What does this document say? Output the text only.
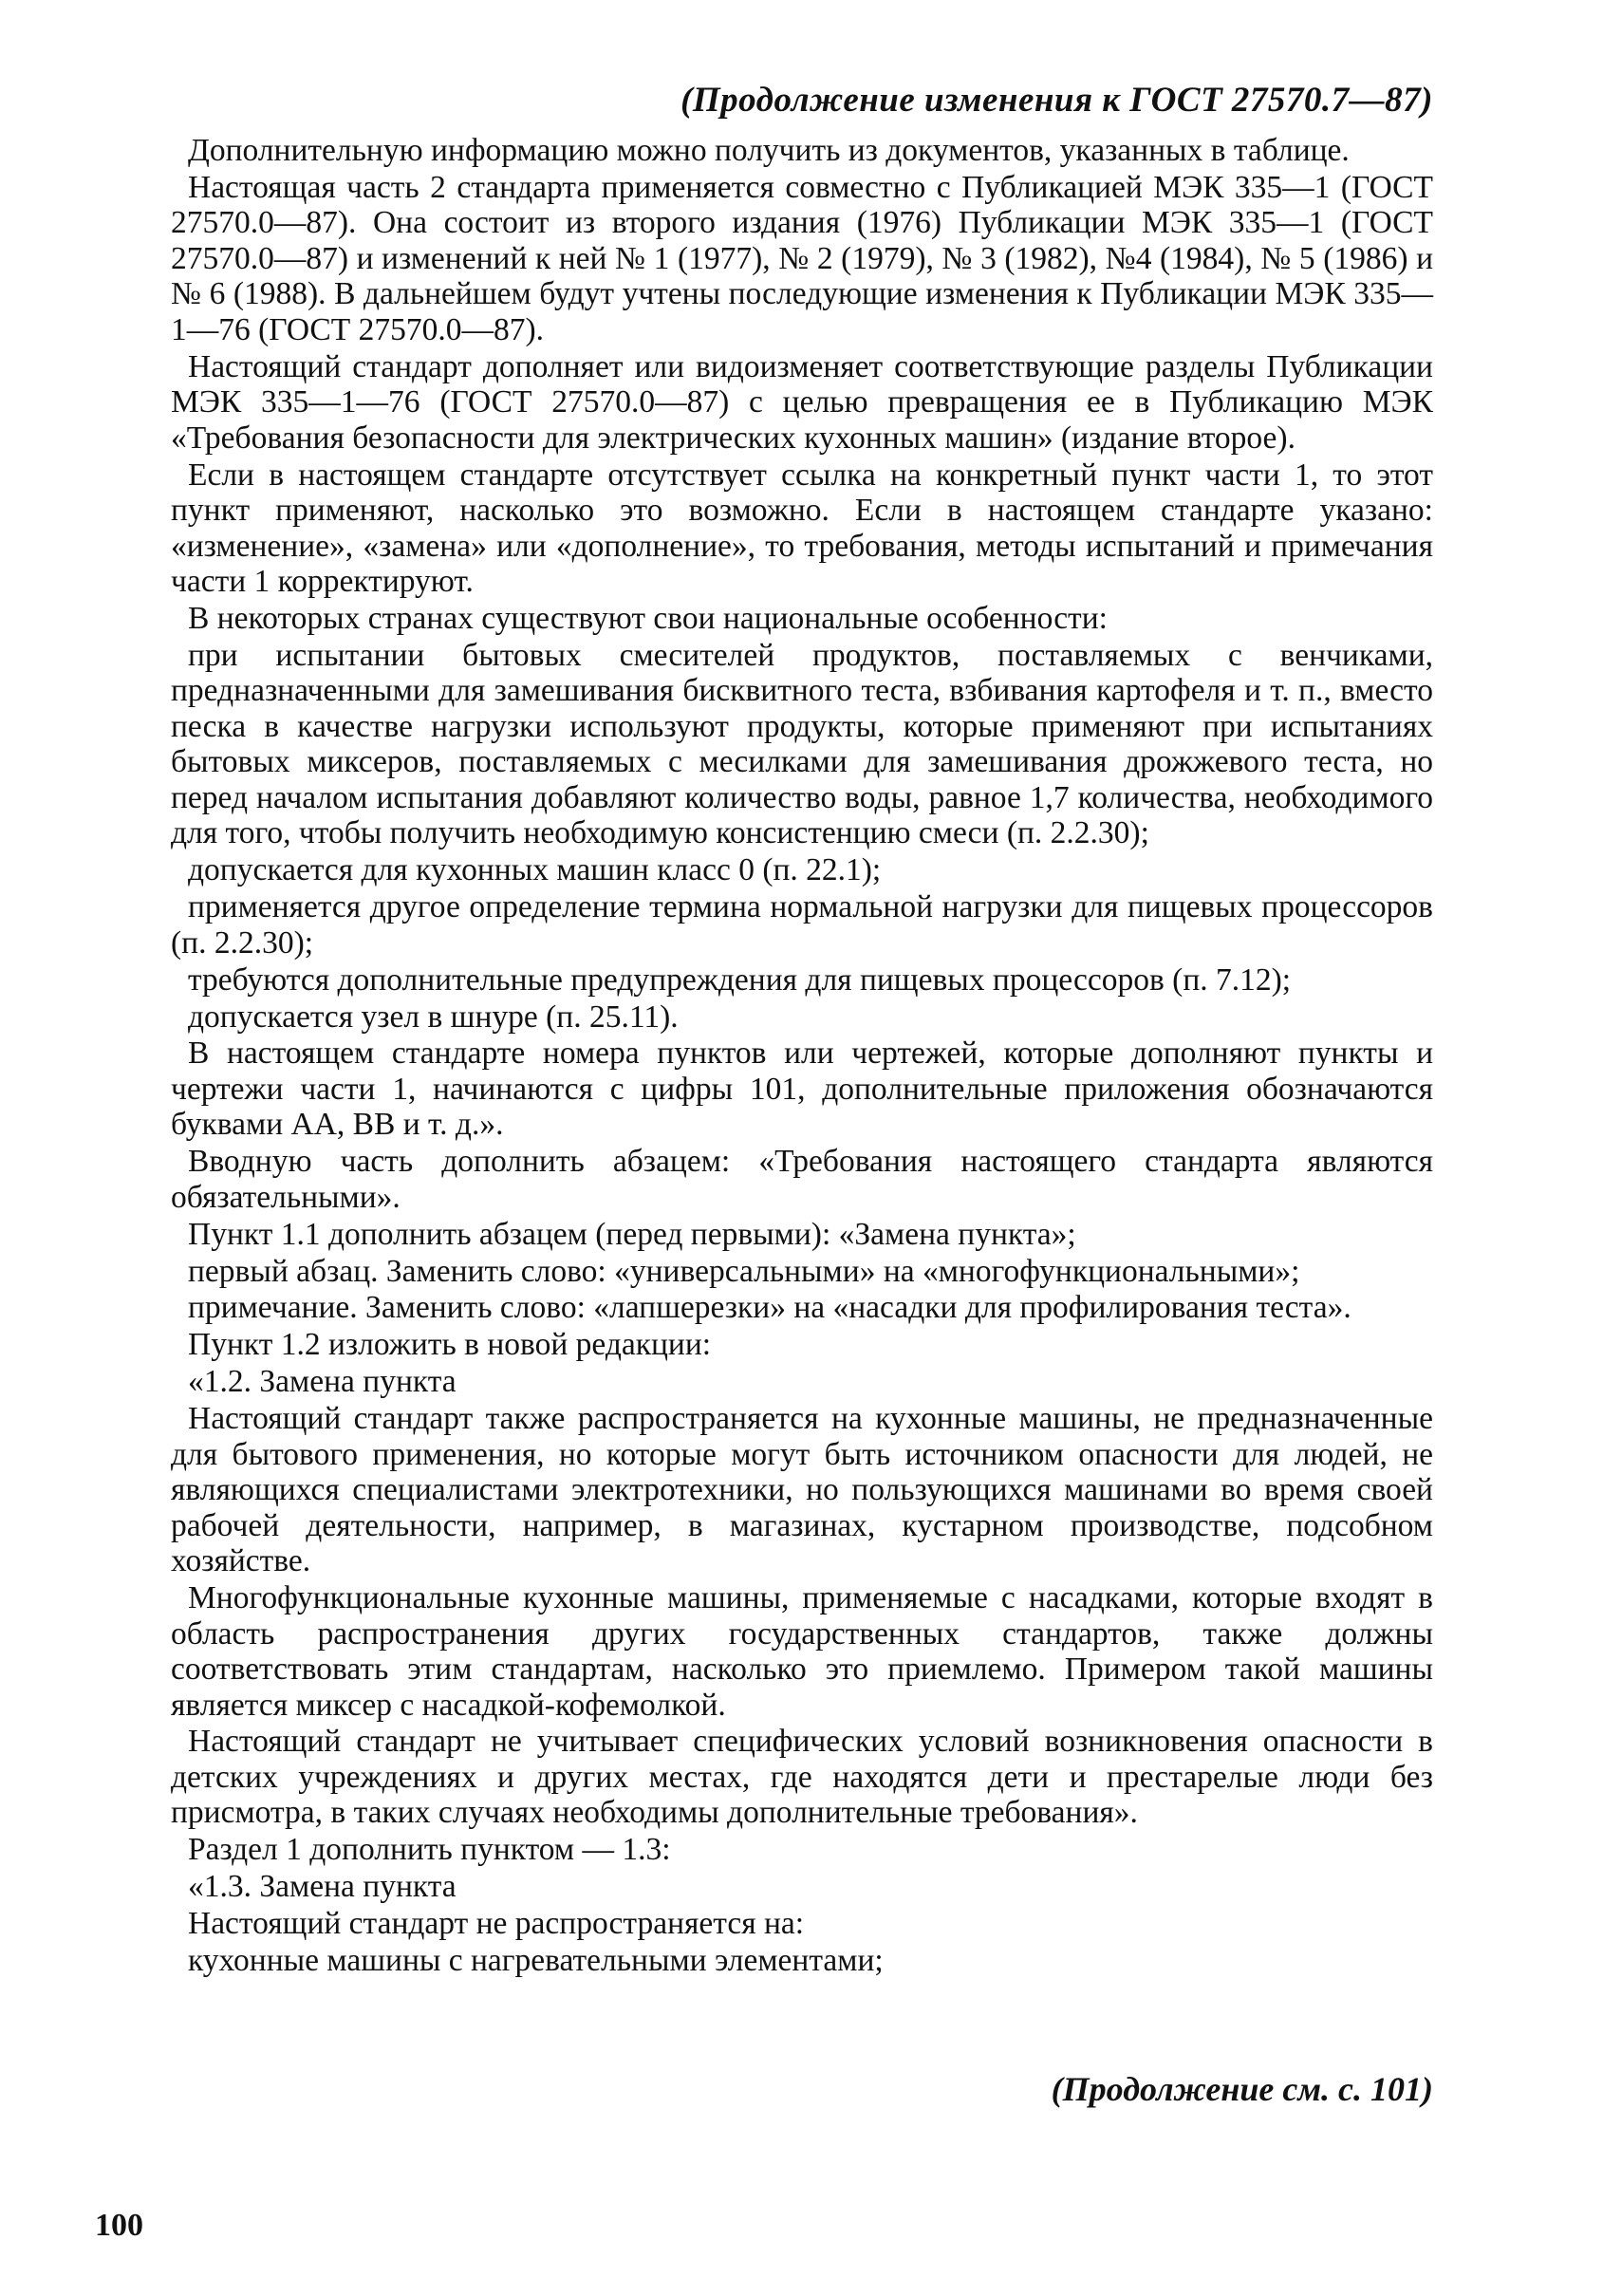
(Продолжение изменения к ГОСТ 27570.7—87)

Дополнительную информацию можно получить из документов, указанных в таблице.

Настоящая часть 2 стандарта применяется совместно с Публикацией МЭК 335—1 (ГОСТ 27570.0—87). Она состоит из второго издания (1976) Публикации МЭК 335—1 (ГОСТ 27570.0—87) и изменений к ней № 1 (1977), № 2 (1979), № 3 (1982), №4 (1984), № 5 (1986) и № 6 (1988). В дальнейшем будут учтены последующие изменения к Публикации МЭК 335—1—76 (ГОСТ 27570.0—87).

Настоящий стандарт дополняет или видоизменяет соответствующие разделы Публикации МЭК 335—1—76 (ГОСТ 27570.0—87) с целью превращения ее в Публикацию МЭК «Требования безопасности для электрических кухонных машин» (издание второе).

Если в настоящем стандарте отсутствует ссылка на конкретный пункт части 1, то этот пункт применяют, насколько это возможно. Если в настоящем стандарте указано: «изменение», «замена» или «дополнение», то требования, методы испытаний и примечания части 1 корректируют.

В некоторых странах существуют свои национальные особенности:

при испытании бытовых смесителей продуктов, поставляемых с венчиками, предназначенными для замешивания бисквитного теста, взбивания картофеля и т. п., вместо песка в качестве нагрузки используют продукты, которые применяют при испытаниях бытовых миксеров, поставляемых с месилками для замешивания дрожжевого теста, но перед началом испытания добавляют количество воды, равное 1,7 количества, необходимого для того, чтобы получить необходимую консистенцию смеси (п. 2.2.30);

допускается для кухонных машин класс 0 (п. 22.1);

применяется другое определение термина нормальной нагрузки для пищевых процессоров (п. 2.2.30);

требуются дополнительные предупреждения для пищевых процессоров (п. 7.12);

допускается узел в шнуре (п. 25.11).

В настоящем стандарте номера пунктов или чертежей, которые дополняют пункты и чертежи части 1, начинаются с цифры 101, дополнительные приложения обозначаются буквами АА, ВВ и т. д.».

Вводную часть дополнить абзацем: «Требования настоящего стандарта являются обязательными».

Пункт 1.1 дополнить абзацем (перед первыми): «Замена пункта»;

первый абзац. Заменить слово: «универсальными» на «многофункциональными»;

примечание. Заменить слово: «лапшерезки» на «насадки для профилирования теста».

Пункт 1.2 изложить в новой редакции:

«1.2. Замена пункта

Настоящий стандарт также распространяется на кухонные машины, не предназначенные для бытового применения, но которые могут быть источником опасности для людей, не являющихся специалистами электротехники, но пользующихся машинами во время своей рабочей деятельности, например, в магазинах, кустарном производстве, подсобном хозяйстве.

Многофункциональные кухонные машины, применяемые с насадками, которые входят в область распространения других государственных стандартов, также должны соответствовать этим стандартам, насколько это приемлемо. Примером такой машины является миксер с насадкой-кофемолкой.

Настоящий стандарт не учитывает специфических условий возникновения опасности в детских учреждениях и других местах, где находятся дети и престарелые люди без присмотра, в таких случаях необходимы дополнительные требования».

Раздел 1 дополнить пунктом — 1.3:

«1.3. Замена пункта

Настоящий стандарт не распространяется на:

кухонные машины с нагревательными элементами;

(Продолжение см. с. 101)
100
